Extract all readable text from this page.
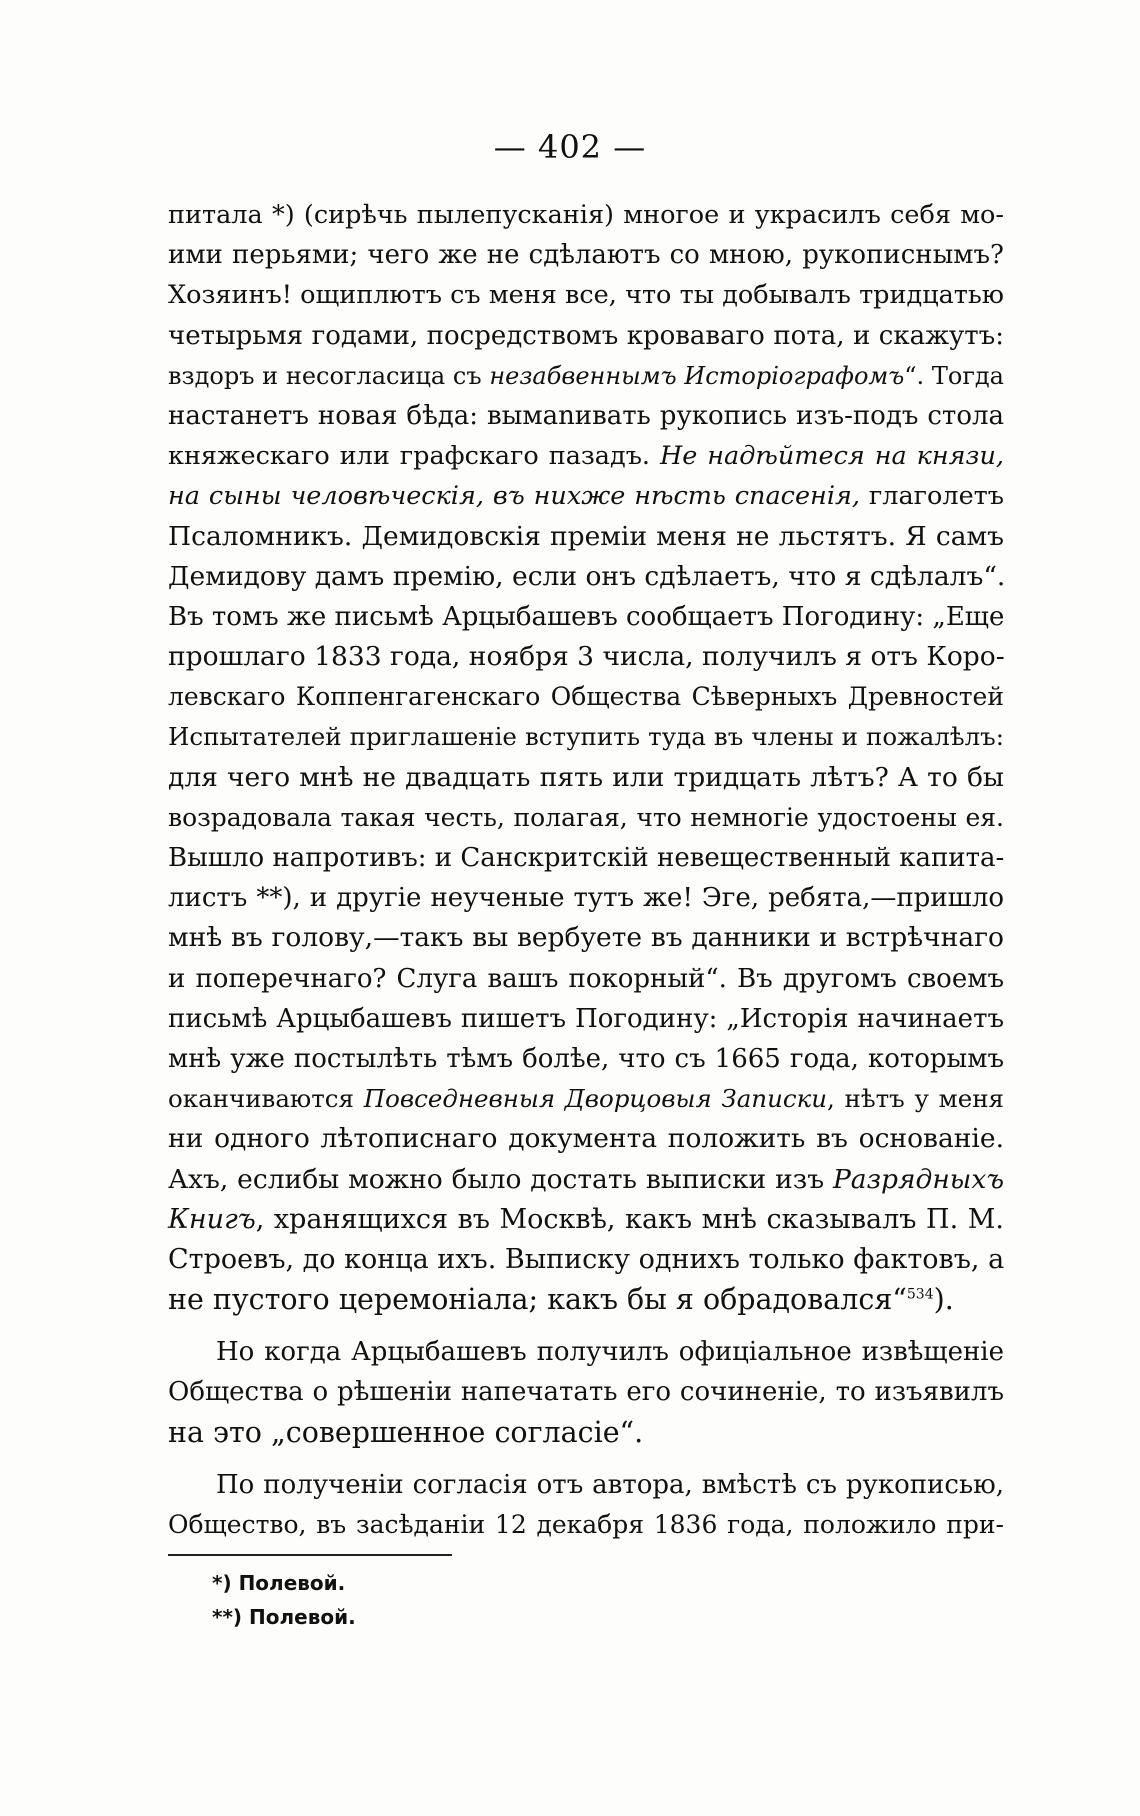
— 402 —
питала *) (сирѣчь пылепусканія) многое и украсилъ себя мо-
ими перьями; чего же не сдѣлаютъ со мною, рукописнымъ?
Хозяинъ! ощиплютъ съ меня все, что ты добывалъ тридцатью
четырьмя годами, посредствомъ кроваваго пота, и скажутъ:
вздоръ и несогласица съ незабвеннымъ Исторіографомъ“. Тогда
настанетъ новая бѣда: вымanивать рукопись изъ-подъ стола
княжескаго или графскаго пазадъ. Не надѣйтеся на князи,
на сыны человѣческія, въ нихже нѣсть спасенія, глаголетъ
Псаломникъ. Демидовскія преміи меня не льстятъ. Я самъ
Демидову дамъ премію, если онъ сдѣлаетъ, что я сдѣлалъ“.
Въ томъ же письмѣ Арцыбашевъ сообщаетъ Погодину: „Еще
прошлаго 1833 года, ноября 3 числа, получилъ я отъ Коро-
левскаго Коппенгагенскаго Общества Сѣверныхъ Древностей
Испытателей приглашеніе вступить туда въ члены и пожалѣлъ:
для чего мнѣ не двадцать пять или тридцать лѣтъ? А то бы
возрадовала такая честь, полагая, что немногіе удостоены ея.
Вышло напротивъ: и Санскритскій невещественный капита-
листъ **), и другіе неученые тутъ же! Эге, ребята,—пришло
мнѣ въ голову,—такъ вы вербуете въ данники и встрѣчнаго
и поперечнаго? Слуга вашъ покорный“. Въ другомъ своемъ
письмѣ Арцыбашевъ пишетъ Погодину: „Исторія начинаетъ
мнѣ уже постылѣть тѣмъ болѣе, что съ 1665 года, которымъ
оканчиваются Повседневныя Дворцовыя Записки, нѣтъ у меня
ни одного лѣтописнаго документа положить въ основаніе.
Ахъ, еслибы можно было достать выписки изъ Разрядныхъ
Книгъ, хранящихся въ Москвѣ, какъ мнѣ сказывалъ П. М.
Строевъ, до конца ихъ. Выписку однихъ только фактовъ, а
не пустого церемоніала; какъ бы я обрадовался“$^{534}$).
Но когда Арцыбашевъ получилъ офиціальное извѣщеніе
Общества о рѣшеніи напечатать его сочиненіе, то изъявилъ
на это „совершенное согласіе“.
По полученіи согласія отъ автора, вмѣстѣ съ рукописью,
Общество, въ засѣданіи 12 декабря 1836 года, положило при-
*) Полевой.
**) Полевой.
